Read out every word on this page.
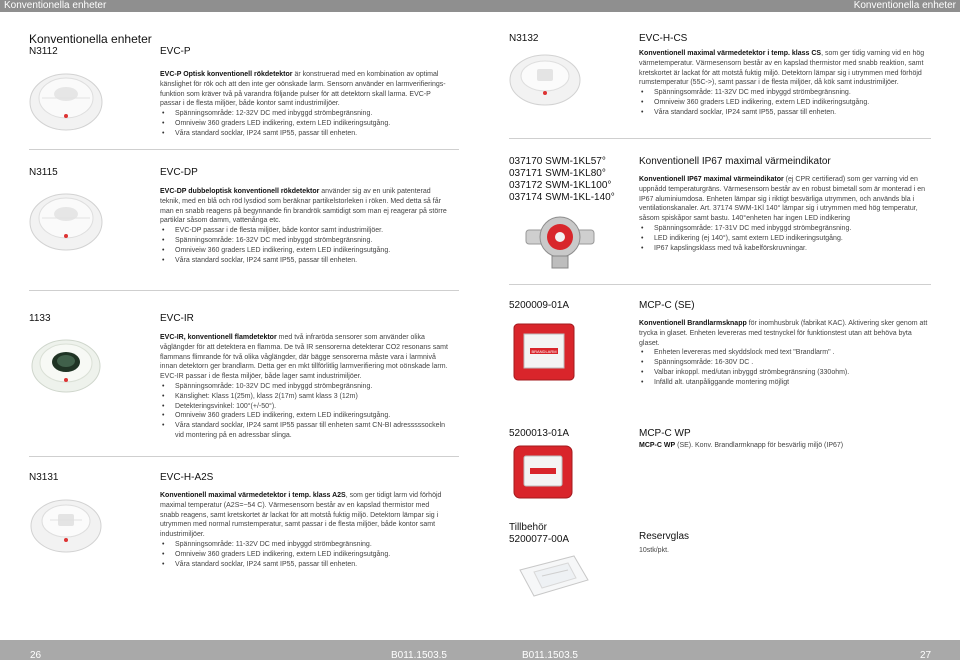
Konventionella enheter	Konventionella enheter
Konventionella enheter
N3112	EVC-P

EVC-P Optisk konventionell rökdetektor är konstruerad med en kombination av optimal känslighet för rök och att den inte ger oönskade larm. Sensorn använder en larmverifierings-funktion som kräver två på varandra följande pulser för att detektorn skall larma. EVC-P passar i de flesta miljöer, både kontor samt industrimiljöer.

• Spänningsområde: 12-32V DC med inbyggd strömbegränsning.
• Omniveiw 360 graders LED indikering, extern LED indikeringsutgång.
• Våra standard socklar, IP24 samt IP55, passar till enheten.
N3115	EVC-DP

EVC-DP dubbeloptisk konventionell rökdetektor använder sig av en unik patenterad teknik, med en blå och röd lysdiod som beräknar partikelstorleken i röken. Med detta så får man en snabb reagens på begynnande fin brandrök samtidigt som man ej reagerar på större partiklar såsom damm, vattenånga etc.

• EVC-DP passar i de flesta miljöer, både kontor samt industrimiljöer.
• Spänningsområde: 16-32V DC med inbyggd strömbegränsning.
• Omniveiw 360 graders LED indikering, extern LED indikeringsutgång.
• Våra standard socklar, IP24 samt IP55, passar till enheten.
1133	EVC-IR

EVC-IR, konventionell flamdetektor med två infraröda sensorer som använder olika våglängder för att detektera en flamma. De två IR sensorerna detekterar CO2 resonans samt flammans flimrande för två olika våglängder, där bägge sensorerna måste vara i larmnivå innan detektorn ger brandlarm. Detta ger en mkt tillförlitlig larmverifiering mot oönskade larm. EVC-IR passar i de flesta miljöer, både lager samt industrimiljöer.

• Spänningsområde: 10-32V DC med inbyggd strömbegränsning.
• Känslighet: Klass 1(25m), klass 2(17m) samt klass 3 (12m)
• Detekteringsvinkel: 100°(+/-50°).
• Omniveiw 360 graders LED indikering, extern LED indikeringsutgång.
• Våra standard socklar, IP24 samt IP55 passar till enheten samt CN-BI adresssssockeln vid montering på en adressbar slinga.
N3131	EVC-H-A2S

Konventionell maximal värmedetektor i temp. klass A2S, som ger tidigt larm vid förhöjd maximal temperatur (A2S=~54 C). Värmesensorn består av en kapslad thermistor med snabb reagens, samt kretskortet är lackat för att motstå fuktig miljö. Detektorn lämpar sig i utrymmen med normal rumstemperatur, samt passar i de flesta miljöer, både kontor samt industrimiljöer.

• Spänningsområde: 11-32V DC med inbyggd strömbegränsning.
• Omniveiw 360 graders LED indikering, extern LED indikeringsutgång.
• Våra standard socklar, IP24 samt IP55, passar till enheten.
N3132	EVC-H-CS

Konventionell maximal värmedetektor i temp. klass CS, som ger tidig varning vid en hög värmetemperatur. Värmesensorn består av en kapslad thermistor med snabb reaktion, samt kretskortet är lackat för att motstå fuktig miljö. Detektorn lämpar sig i utrymmen med förhöjd rumstemperatur (55C->), samt passar i de flesta miljöer, då kök samt industrimiljöer.

• Spänningsområde: 11-32V DC med inbyggd strömbegränsning.
• Omniveiw 360 graders LED indikering, extern LED indikeringsutgång.
• Våra standard socklar, IP24 samt IP55, passar till enheten.
037170 SWM-1KL57°
037171 SWM-1KL80°
037172 SWM-1KL100°
037174 SWM-1KL-140°
Konventionell IP67 maximal värmeindikator

Konventionell IP67 maximal värmeindikator (ej CPR certifierad) som ger varning vid en uppnådd temperaturgräns. Värmesensorn består av en robust bimetall som är monterad i en IP67 aluminiumdosa. Enheten lämpar sig i riktigt besvärliga utrymmen, och används bla i ventilationskanaler. Art. 37174 SWM-1Kl 140° lämpar sig i utrymmen med hög temperatur, såsom spiskåpor samt bastu. 140°enheten har ingen LED indikering

• Spänningsområde: 17-31V DC med inbyggd strömbegränsning.
• LED indikering (ej 140°), samt extern LED indikeringsutgång.
• IP67 kapslingsklass med två kabelförskruvningar.
5200009-01A	MCP-C (SE)
BRANDLARM

Konventionell Brandlarmsknapp för inomhusbruk (fabrikat KAC). Aktivering sker genom att trycka in glaset. Enheten levereras med testnyckel för funktionstest utan att behöva byta glaset.

• Enheten levereras med skyddslock med text "Brandlarm" .
• Spänningsområde: 16-30V DC .
• Valbar inkoppl. med/utan inbyggd strömbegränsning (330ohm).
• Infälld alt. utanpåliggande montering möjligt
5200013-01A	MCP-C WP

MCP-C WP (SE). Konv. Brandlarmknapp för besvärlig miljö (IP67)

Tillbehör
5200077-00A	Reservglas
10stk/pkt.
26	B011.1503.5	B011.1503.5	27
